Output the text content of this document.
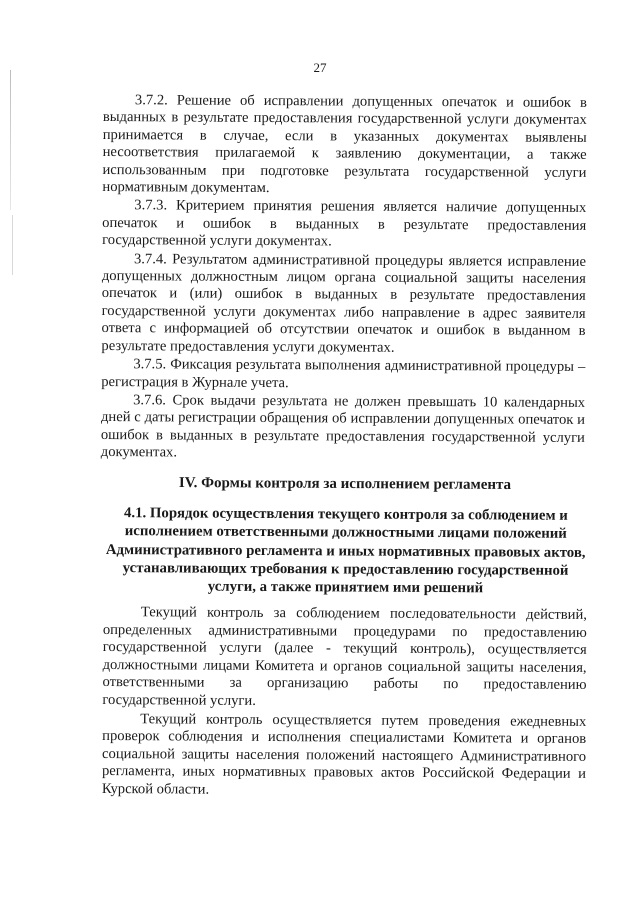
27

3.7.2. Решение об исправлении допущенных опечаток и ошибок в выданных в результате предоставления государственной услуги документах принимается в случае, если в указанных документах выявлены несоответствия прилагаемой к заявлению документации, а также использованным при подготовке результата государственной услуги нормативным документам.

3.7.3. Критерием принятия решения является наличие допущенных опечаток и ошибок в выданных в результате предоставления государственной услуги документах.

3.7.4. Результатом административной процедуры является исправление допущенных должностным лицом органа социальной защиты населения опечаток и (или) ошибок в выданных в результате предоставления государственной услуги документах либо направление в адрес заявителя ответа с информацией об отсутствии опечаток и ошибок в выданном в результате предоставления услуги документах.

3.7.5. Фиксация результата выполнения административной процедуры – регистрация в Журнале учета.

3.7.6. Срок выдачи результата не должен превышать 10 календарных дней с даты регистрации обращения об исправлении допущенных опечаток и ошибок в выданных в результате предоставления государственной услуги документах.

IV. Формы контроля за исполнением регламента
4.1. Порядок осуществления текущего контроля за соблюдением и исполнением ответственными должностными лицами положений Административного регламента и иных нормативных правовых актов, устанавливающих требования к предоставлению государственной услуги, а также принятием ими решений

Текущий контроль за соблюдением последовательности действий, определенных административными процедурами по предоставлению государственной услуги (далее - текущий контроль), осуществляется должностными лицами Комитета и органов социальной защиты населения, ответственными за организацию работы по предоставлению государственной услуги.

Текущий контроль осуществляется путем проведения ежедневных проверок соблюдения и исполнения специалистами Комитета и органов социальной защиты населения положений настоящего Административного регламента, иных нормативных правовых актов Российской Федерации и Курской области.
